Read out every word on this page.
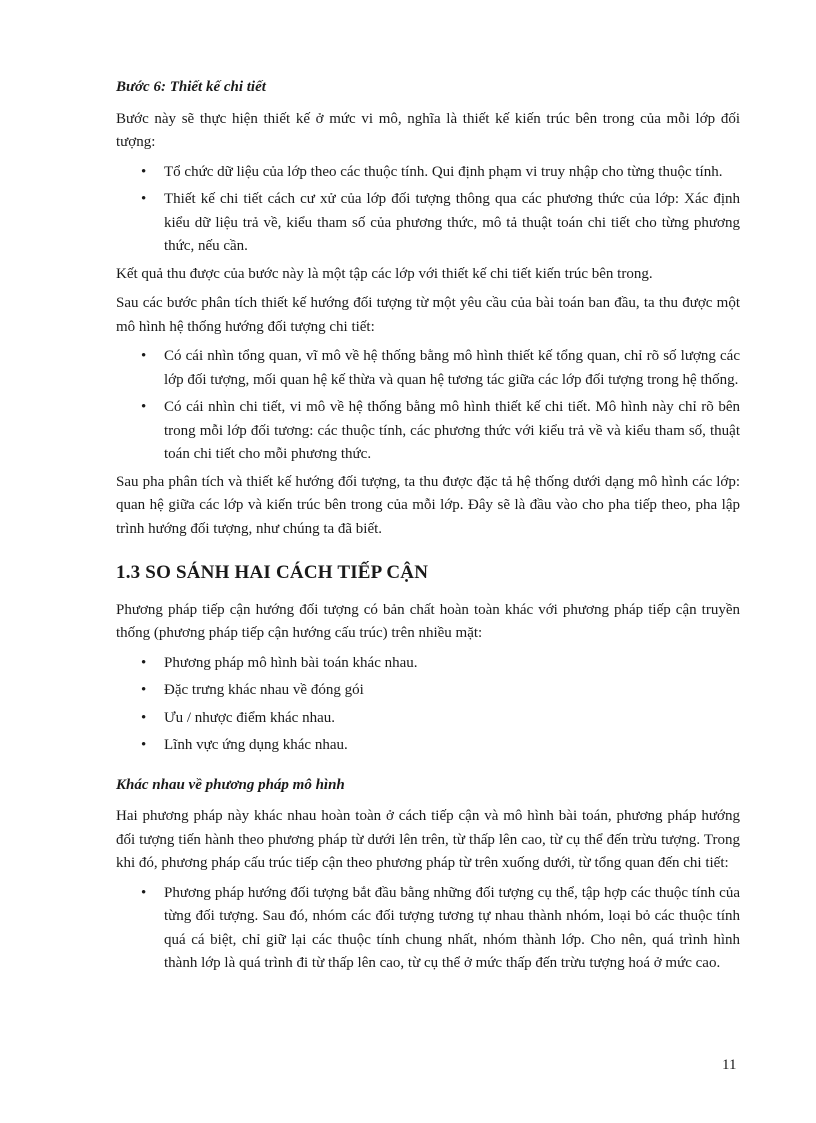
Bước 6: Thiết kế chi tiết

Bước này sẽ thực hiện thiết kế ở mức vi mô, nghĩa là thiết kế kiến trúc bên trong của mỗi lớp đối tượng:

• Tổ chức dữ liệu của lớp theo các thuộc tính. Qui định phạm vi truy nhập cho từng thuộc tính.
• Thiết kế chi tiết cách cư xử của lớp đối tượng thông qua các phương thức của lớp: Xác định kiểu dữ liệu trả về, kiểu tham số của phương thức, mô tả thuật toán chi tiết cho từng phương thức, nếu cần.

Kết quả thu được của bước này là một tập các lớp với thiết kế chi tiết kiến trúc bên trong.

Sau các bước phân tích thiết kế hướng đối tượng từ một yêu cầu của bài toán ban đầu, ta thu được một mô hình hệ thống hướng đối tượng chi tiết:

• Có cái nhìn tổng quan, vĩ mô về hệ thống bằng mô hình thiết kế tổng quan, chỉ rõ số lượng các lớp đối tượng, mối quan hệ kế thừa và quan hệ tương tác giữa các lớp đối tượng trong hệ thống.
• Có cái nhìn chi tiết, vi mô về hệ thống bằng mô hình thiết kế chi tiết. Mô hình này chỉ rõ bên trong mỗi lớp đối tương: các thuộc tính, các phương thức với kiểu trả về và kiểu tham số, thuật toán chi tiết cho mỗi phương thức.

Sau pha phân tích và thiết kế hướng đối tượng, ta thu được đặc tả hệ thống dưới dạng mô hình các lớp: quan hệ giữa các lớp và kiến trúc bên trong của mỗi lớp. Đây sẽ là đầu vào cho pha tiếp theo, pha lập trình hướng đối tượng, như chúng ta đã biết.

1.3 SO SÁNH HAI CÁCH TIẾP CẬN

Phương pháp tiếp cận hướng đối tượng có bản chất hoàn toàn khác với phương pháp tiếp cận truyền thống (phương pháp tiếp cận hướng cấu trúc) trên nhiều mặt:

• Phương pháp mô hình bài toán khác nhau.
• Đặc trưng khác nhau về đóng gói
• Ưu / nhược điểm khác nhau.
• Lĩnh vực ứng dụng khác nhau.

Khác nhau về phương pháp mô hình

Hai phương pháp này khác nhau hoàn toàn ở cách tiếp cận và mô hình bài toán, phương pháp hướng đối tượng tiến hành theo phương pháp từ dưới lên trên, từ thấp lên cao, từ cụ thể đến trừu tượng. Trong khi đó, phương pháp cấu trúc tiếp cận theo phương pháp từ trên xuống dưới, từ tổng quan đến chi tiết:

• Phương pháp hướng đối tượng bắt đầu bằng những đối tượng cụ thể, tập hợp các thuộc tính của từng đối tượng. Sau đó, nhóm các đối tượng tương tự nhau thành nhóm, loại bỏ các thuộc tính quá cá biệt, chỉ giữ lại các thuộc tính chung nhất, nhóm thành lớp. Cho nên, quá trình hình thành lớp là quá trình đi từ thấp lên cao, từ cụ thể ở mức thấp đến trừu tượng hoá ở mức cao.
11
